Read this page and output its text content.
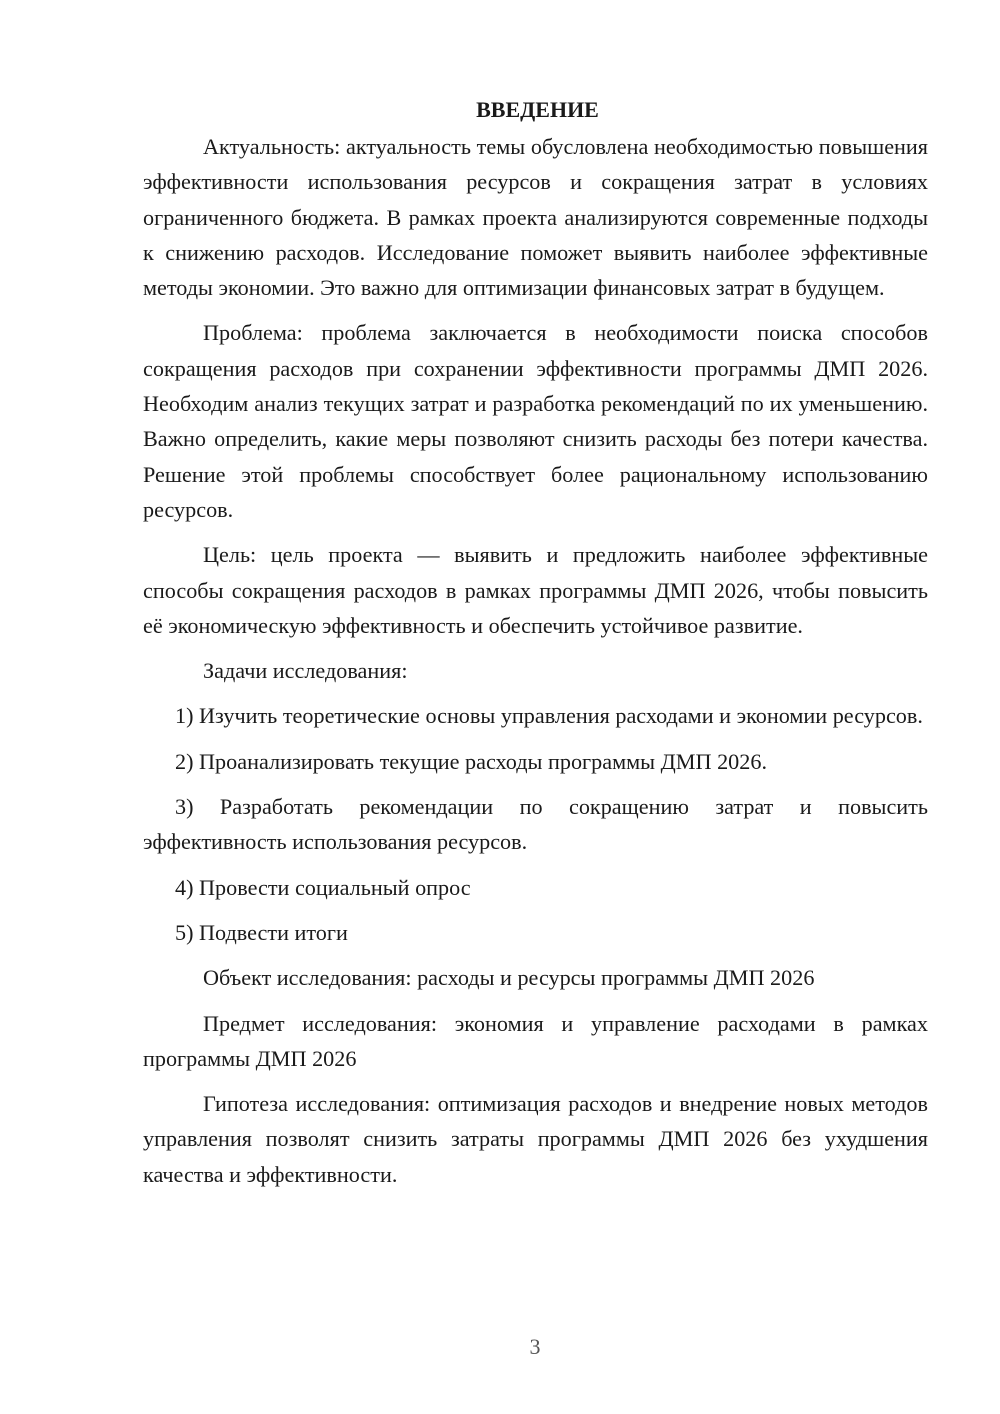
ВВЕДЕНИЕ

Актуальность: актуальность темы обусловлена необходимостью повышения эффективности использования ресурсов и сокращения затрат в условиях ограниченного бюджета. В рамках проекта анализируются современные подходы к снижению расходов. Исследование поможет выявить наиболее эффективные методы экономии. Это важно для оптимизации финансовых затрат в будущем.

Проблема: проблема заключается в необходимости поиска способов сокращения расходов при сохранении эффективности программы ДМП 2026. Необходим анализ текущих затрат и разработка рекомендаций по их уменьшению. Важно определить, какие меры позволяют снизить расходы без потери качества. Решение этой проблемы способствует более рациональному использованию ресурсов.

Цель: цель проекта — выявить и предложить наиболее эффективные способы сокращения расходов в рамках программы ДМП 2026, чтобы повысить её экономическую эффективность и обеспечить устойчивое развитие.

Задачи исследования:

1) Изучить теоретические основы управления расходами и экономии ресурсов.

2) Проанализировать текущие расходы программы ДМП 2026.

3) Разработать рекомендации по сокращению затрат и повысить эффективность использования ресурсов.

4) Провести социальный опрос

5) Подвести итоги

Объект исследования: расходы и ресурсы программы ДМП 2026

Предмет исследования: экономия и управление расходами в рамках программы ДМП 2026

Гипотеза исследования: оптимизация расходов и внедрение новых методов управления позволят снизить затраты программы ДМП 2026 без ухудшения качества и эффективности.

3
